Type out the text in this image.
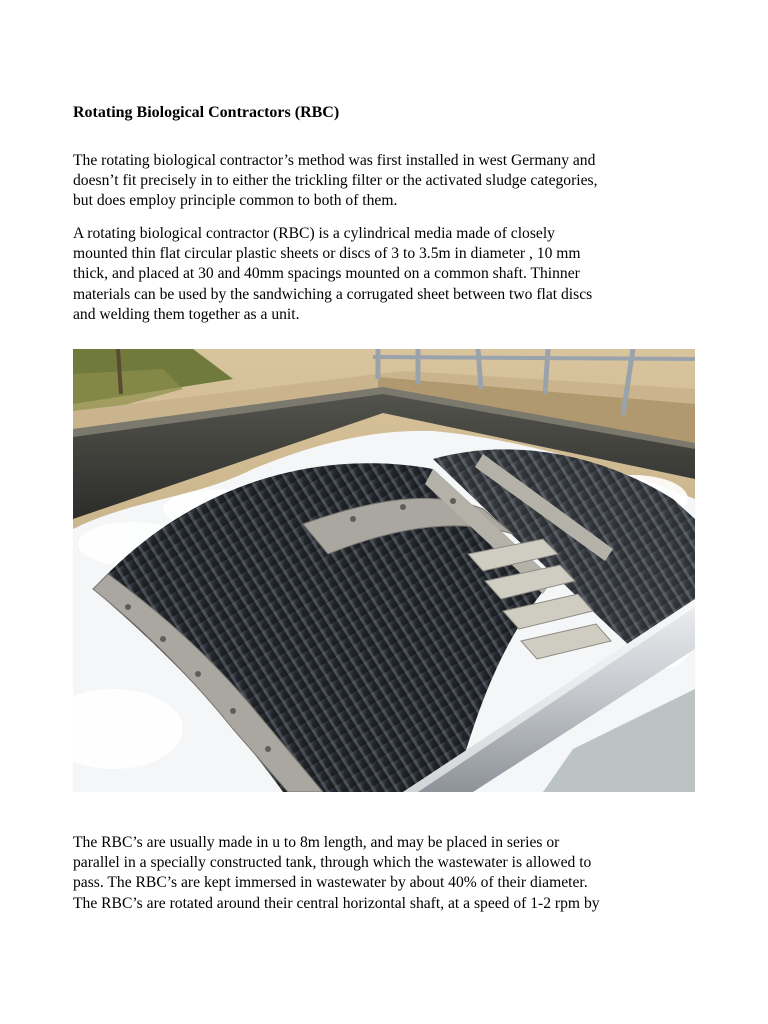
Rotating Biological Contractors (RBC)

The rotating biological contractor’s method was first installed in west Germany and
doesn’t fit precisely in to either the trickling filter or the activated sludge categories,
but does employ principle common to both of them.

A rotating biological contractor (RBC) is a cylindrical media made of closely
mounted thin flat circular plastic sheets or discs of 3 to 3.5m in diameter , 10 mm
thick, and placed at 30 and 40mm spacings mounted on a common shaft. Thinner
materials can be used by the sandwiching a corrugated sheet between two flat discs
and welding them together as a unit.

The RBC’s are usually made in u to 8m length, and may be placed in series or
parallel in a specially constructed tank, through which the wastewater is allowed to
pass. The RBC’s are kept immersed in wastewater by about 40% of their diameter.
The RBC’s are rotated around their central horizontal shaft, at a speed of 1-2 rpm by
